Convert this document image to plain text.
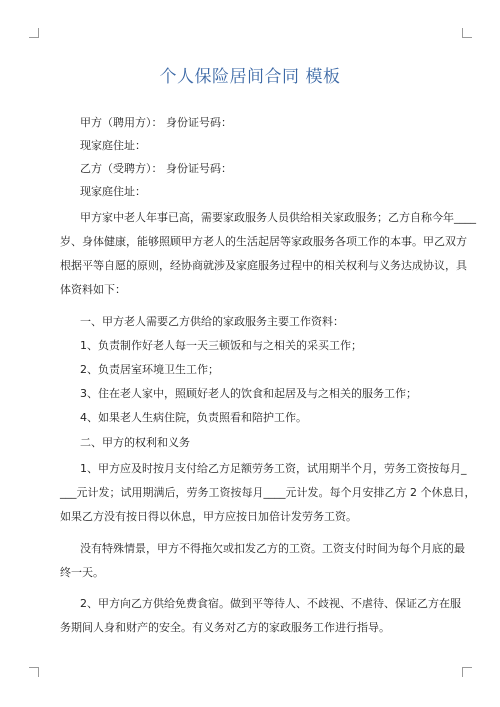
个人保险居间合同 模板
甲方（聘用方）： 身份证号码：
现家庭住址：
乙方（受聘方）： 身份证号码：
现家庭住址：
甲方家中老人年事已高，需要家政服务人员供给相关家政服务；乙方自称今年____
岁、身体健康，能够照顾甲方老人的生活起居等家政服务各项工作的本事。甲乙双方
根据平等自愿的原则，经协商就涉及家庭服务过程中的相关权利与义务达成协议，具
体资料如下：
一、甲方老人需要乙方供给的家政服务主要工作资料：
1、负责制作好老人每一天三顿饭和与之相关的采买工作；
2、负责居室环境卫生工作；
3、住在老人家中，照顾好老人的饮食和起居及与之相关的服务工作；
4、如果老人生病住院，负责照看和陪护工作。
二、甲方的权利和义务
1、甲方应及时按月支付给乙方足额劳务工资，试用期半个月，劳务工资按每月_
___元计发；试用期满后，劳务工资按每月____元计发。每个月安排乙方 2 个休息日，
如果乙方没有按日得以休息，甲方应按日加倍计发劳务工资。
没有特殊情景，甲方不得拖欠或扣发乙方的工资。工资支付时间为每个月底的最
终一天。
2、甲方向乙方供给免费食宿。做到平等待人、不歧视、不虐待、保证乙方在服
务期间人身和财产的安全。有义务对乙方的家政服务工作进行指导。
